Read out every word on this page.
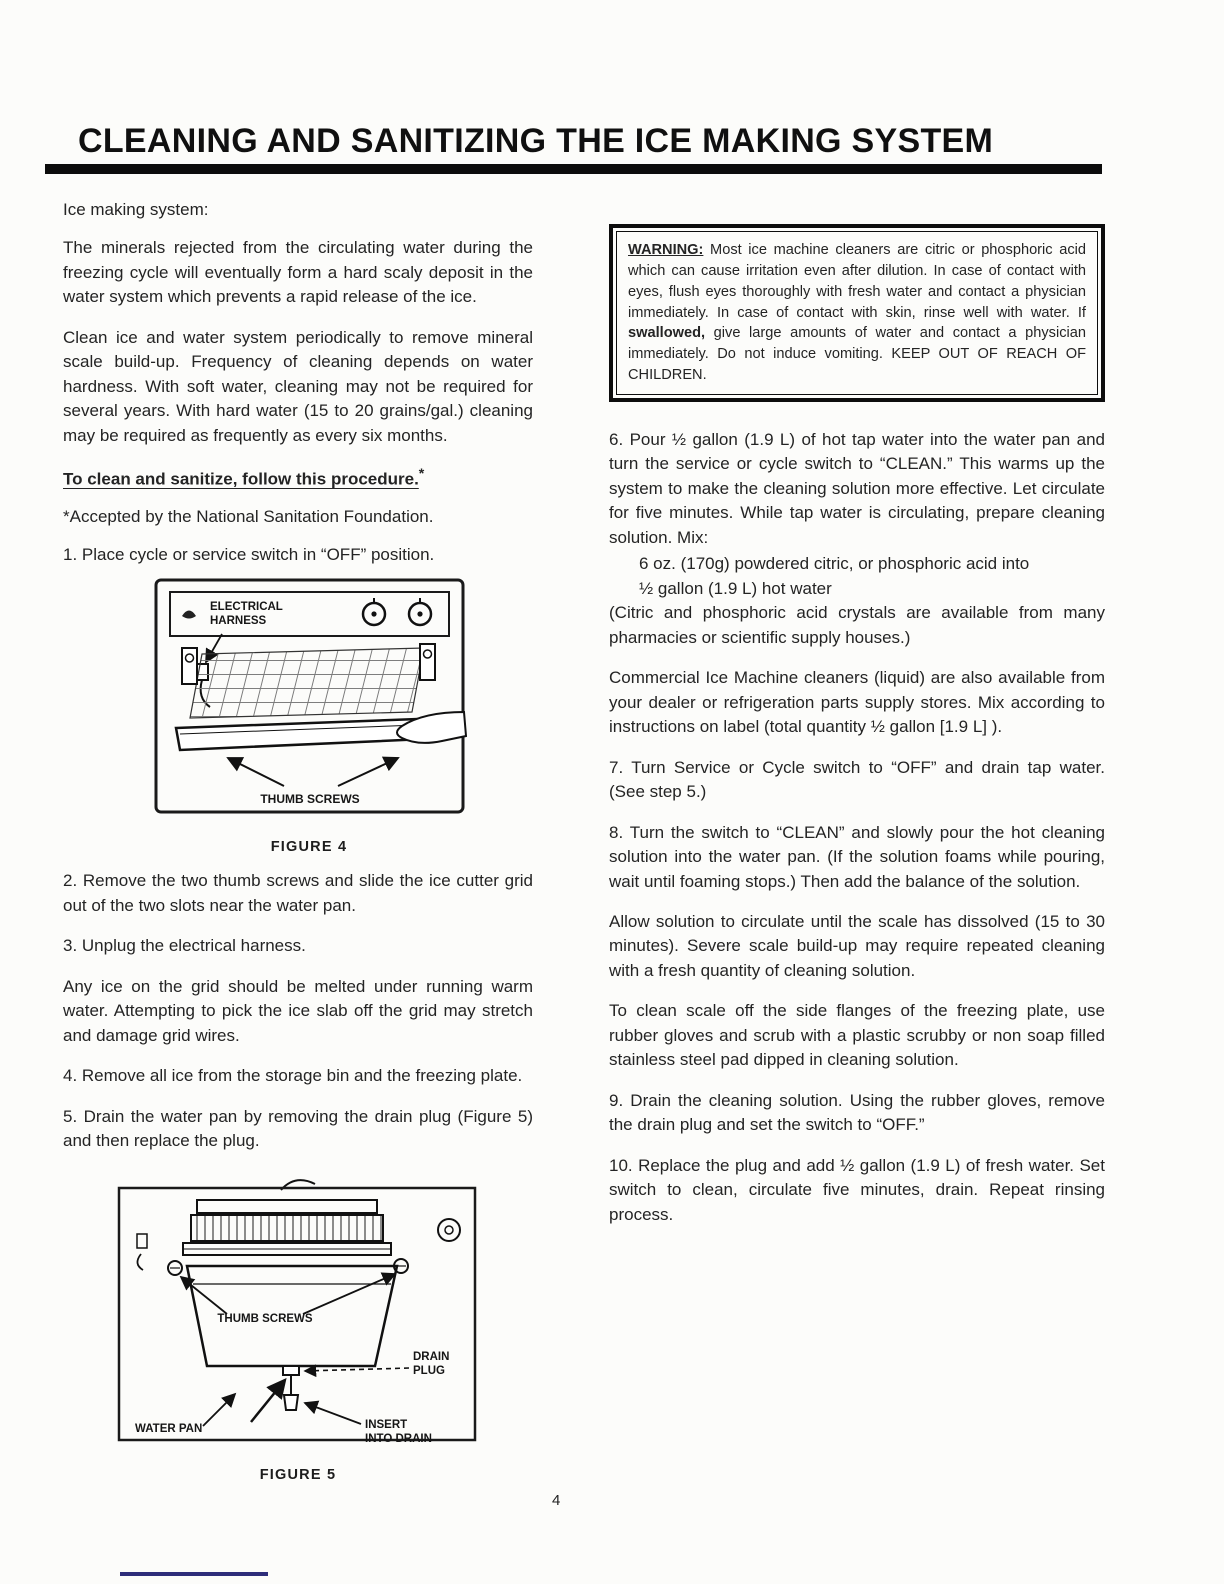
CLEANING AND SANITIZING THE ICE MAKING SYSTEM

Ice making system:

The minerals rejected from the circulating water during the freezing cycle will eventually form a hard scaly deposit in the water system which prevents a rapid release of the ice.

Clean ice and water system periodically to remove mineral scale build-up. Frequency of cleaning depends on water hardness. With soft water, cleaning may not be required for several years. With hard water (15 to 20 grains/gal.) cleaning may be required as frequently as every six months.

To clean and sanitize, follow this procedure.*

*Accepted by the National Sanitation Foundation.

1. Place cycle or service switch in “OFF” position.

ELECTRICAL
HARNESS
THUMB SCREWS
FIGURE 4

2. Remove the two thumb screws and slide the ice cutter grid out of the two slots near the water pan.

3. Unplug the electrical harness.

Any ice on the grid should be melted under running warm water. Attempting to pick the ice slab off the grid may stretch and damage grid wires.

4. Remove all ice from the storage bin and the freezing plate.

5. Drain the water pan by removing the drain plug (Figure 5) and then replace the plug.

THUMB SCREWS
DRAIN
PLUG
WATER PAN	INSERT
INTO DRAIN
FIGURE 5

WARNING: Most ice machine cleaners are citric or phosphoric acid which can cause irritation even after dilution. In case of contact with eyes, flush eyes thoroughly with fresh water and contact a physician immediately. In case of contact with skin, rinse well with water. If swallowed, give large amounts of water and contact a physician immediately. Do not induce vomiting. KEEP OUT OF REACH OF CHILDREN.

6. Pour ½ gallon (1.9 L) of hot tap water into the water pan and turn the service or cycle switch to “CLEAN.” This warms up the system to make the cleaning solution more effective. Let circulate for five minutes. While tap water is circulating, prepare cleaning solution. Mix:

6 oz. (170g) powdered citric, or phosphoric acid into

½ gallon (1.9 L) hot water

(Citric and phosphoric acid crystals are available from many pharmacies or scientific supply houses.)

Commercial Ice Machine cleaners (liquid) are also available from your dealer or refrigeration parts supply stores. Mix according to instructions on label (total quantity ½ gallon [1.9 L] ).

7. Turn Service or Cycle switch to “OFF” and drain tap water. (See step 5.)

8. Turn the switch to “CLEAN” and slowly pour the hot cleaning solution into the water pan. (If the solution foams while pouring, wait until foaming stops.) Then add the balance of the solution.

Allow solution to circulate until the scale has dissolved (15 to 30 minutes). Severe scale build-up may require repeated cleaning with a fresh quantity of cleaning solution.

To clean scale off the side flanges of the freezing plate, use rubber gloves and scrub with a plastic scrubby or non soap filled stainless steel pad dipped in cleaning solution.

9. Drain the cleaning solution. Using the rubber gloves, remove the drain plug and set the switch to “OFF.”

10. Replace the plug and add ½ gallon (1.9 L) of fresh water. Set switch to clean, circulate five minutes, drain. Repeat rinsing process.

4
